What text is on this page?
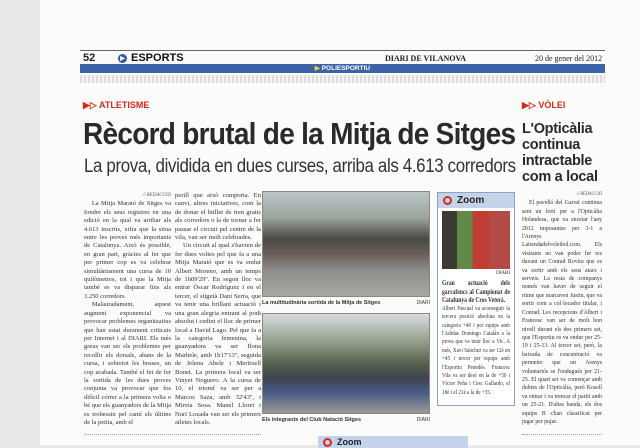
52	▶ ESPORTS	DIARI DE VILANOVA	20 de gener del 2012
▶ POLIESPORTIU
▶▷ ATLETISME	▶▷ VÒLEI
Rècord brutal de la Mitja de Sitges
La prova, dividida en dues curses, arriba als 4.613 corredors
// REDACCIÓ

La Mitja Marató de Sitges va fondre els seus registres en una edició en la qual va arribar als 4.613 inscrits, xifra que la situa entre les proves més importants de Catalunya. Això és possible, en gran part, gràcies al fet que per primer cop es va celebrar simultàniament una cursa de 10 quilòmetres, tot i que la Mitja també es va disparar fins als 3.250 corredors.

Malauradament, aquest augment exponencial va provocar problemes organitzatius que han estat durament criticats per Internet i al DIARI. Els més greus van ser els problemes per recollir els dorsals, abans de la cursa, i sobretot les bosses, un cop acabada. També el fet de fer la sortida de les dues proves conjunta va provocar que fos difícil córrer a la primera volta o bé que els guanyadors de la Mitja es trobessin pel camí els últims de la petita, amb el

perill que això comporta. En canvi, altres iniciatives, com la de donar el bitllet de tren gratis als corredors o la de tornar a fer passar el circuit pel centre de la vila, van ser molt celebrades.

Un circuit al qual s'havien de fer dues voltes pel que fa a una Mitja Marató que es va endur Albert Moreno, amb un temps de 1h09'29''. En segon lloc va entrar Òscar Rodríguez i en el tercer, el sitgetà Dani Serra, que va tenir una brillant actuació i una gran alegria entrant al podi absolut i cedint el lloc de primer local a David Lago. Pel que fa a la categoria femenina, la guanyadora va ser Ilona Marhele, amb 1h17'13'', seguida de Jelena Abele i Meritxell Bonet. La primera local va ser Vinyet Noguero. A la cursa de 10, el triomf va ser per a Marcos Saza, amb 32'43'', i Mireia Sosa. Manel Lloret i Nuri Lozada van ser els primers atletes locals.

La multitudinària sortida de la Mitja de Sitges	DIARI
Els integrants del Club Natació Sitges	DIARI
Zoom
DIARI
Gran actuació dels garrafencs al Campionat de Catalunya de Cros Veterà.
Albert Pascual va aconseguir la tercera posició absoluta en la categoria +40 i per equips amb l'Adidas Domingo Catalán a la prova que va tenir lloc a Vic. A més, Xavi Sánchez va ser 12è en +45 i tercer per equips amb l'Esportiu Penedès. Francesc Vila va ser desè en la de +50 i Víctor Peña i Cesc Gallardo, el 18è i el 21è a la de +35.
L'Opticàlia continua intractable com a local
// REDACCIÓ

El pavelló del Garraf continua sent un fortí per a l'Opticàlia Holandesa, que va encetar l'any 2012 imposantse per 3-1 a l'Arenys Latiendadelvoleibol.com. Els visitants no van poder fer res davant un Conrad Rovira que es va sortir amb els seus atacs i serveis. La resta de companys només van haver de seguir el ritme que marcaven Justin, que va sortir com a col·locador titular, i Conrad. Les recepcions d'Albert i Francesc van ser de molt bon nivell durant els dos primers set, que l'Esportiu es va endur per 25-19 i 25-13. Al tercer set, però, la baixada de concentració va permetre que un Arenys voluntariós se l'endugués per 21-25. El quart set va començar amb dubtes de l'Opticàlia, però Kosell va entrar i va trencar el partit amb un 25-21. D'altra banda, els dos equips B s'han classificat per jugar per pujar.

Zoom
